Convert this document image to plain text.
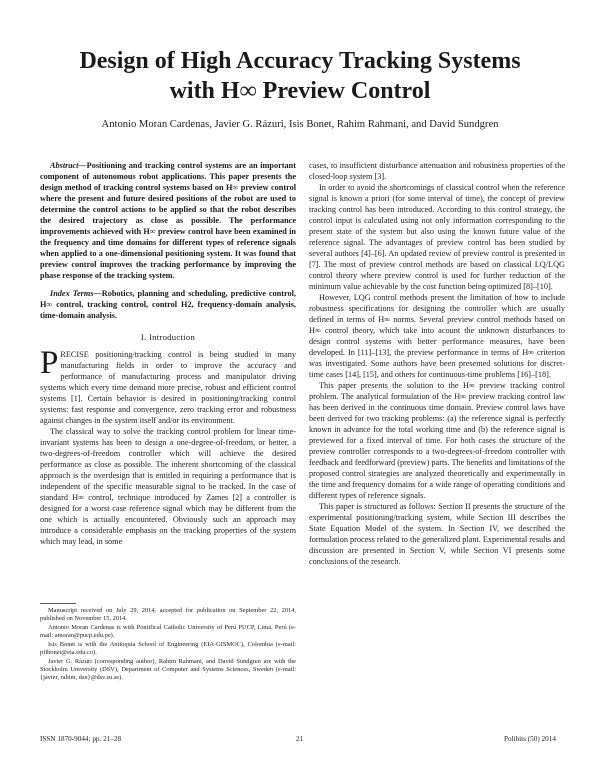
Design of High Accuracy Tracking Systems
with H∞ Preview Control
Antonio Moran Cardenas, Javier G. Rázuri, Isis Bonet, Rahim Rahmani, and David Sundgren

Abstract—Positioning and tracking control systems are an important component of autonomous robot applications. This paper presents the design method of tracking control systems based on H∞ preview control where the present and future desired positions of the robot are used to determine the control actions to be applied so that the robot describes the desired trajectory as close as possible. The performance improvements achieved with H∞ preview control have been examined in the frequency and time domains for different types of reference signals when applied to a one-dimensional positioning system. It was found that preview control improves the tracking performance by improving the phase response of the tracking system.

Index Terms—Robotics, planning and scheduling, predictive control, H∞ control, tracking control, control H2, frequency-domain analysis, time-domain analysis.

I. Introduction

PRECISE positioning/tracking control is being studied in many manufacturing fields in order to improve the accuracy and performance of manufacturing process and manipulator driving systems which every time demand more precise, robust and efficient control systems [1]. Certain behavior is desired in positioning/tracking control systems: fast response and convergence, zero tracking error and robustness against changes in the system itself and/or its environment.

The classical way to solve the tracking control problem for linear time-invariant systems has been to design a one-degree-of-freedom, or better, a two-degrees-of-freedom controller which will achieve the desired performance as close as possible. The inherent shortcoming of the classical approach is the overdesign that is entitled in requiring a performance that is independent of the specific measurable signal to be tracked. In the case of standard H∞ control, technique introduced by Zames [2] a controller is designed for a worst case reference signal which may be different from the one which is actually encountered. Obviously such an approach may introduce a considerable emphasis on the tracking properties of the system which may lead, in some

cases, to insufficient disturbance attenuation and robustness properties of the closed-loop system [3].

In order to avoid the shortcomings of classical control when the reference signal is known a priori (for some interval of time), the concept of preview tracking control has been introduced. According to this control strategy, the control input is calculated using not only information corresponding to the present state of the system but also using the known future value of the reference signal. The advantages of preview control has been studied by several authors [4]–[6]. An updated review of preview control is presented in [7]. The most of preview control methods are based on classical LQ/LQG control theory where preview control is used for further reduction of the minimum value achievable by the cost function being optimized [8]–[10].

However, LQG control methods present the limitation of how to include robustness specifications for designing the controller which are usually defined in terms of H∞ norms. Several preview control methods based on H∞ control theory, which take into acount the unknown disturbances to design control systems with better performance measures, have been developed. In [11]–[13], the preview performance in terms of H∞ criterion was investigated. Some authors have been presented solutions for discret-time cases [14], [15], and others for continuous-time problems [16]–[18].

This paper presents the solution to the H∞ preview tracking control problem. The analytical formulation of the H∞ preview tracking control law has been derived in the continuous time domain. Preview control laws have been derived for two tracking problems: (a) the reference signal is perfectly known in advance for the total working time and (b) the reference signal is previewed for a fixed interval of time. For both cases the structure of the preview controller corresponds to a two-degrees-of-freedom controller with feedback and feedforward (preview) parts. The benefits and limitations of the proposed control strategies are analyzed theoretically and experimentally in the time and frequency domains for a wide range of operating conditions and different types of reference signals.

This paper is structured as follows: Section II presents the structure of the experimental positioning/tracking system, while Section III describes the State Equation Model of the system. In Section IV, we described the formulation process related to the generalized plant. Experimental results and discussion are presented in Section V, while Section VI presents some conclusions of the research.

Manuscript received on July 29, 2014, accepted for publication on September 22, 2014, published on November 15, 2014.

Antonio Moran Cardenas is with Pontifical Catholic University of Perú PUCP, Lima, Perú (e-mail: amoran@pucp.edu.pe).

Isis Bonet is with the Antioquia School of Engineering (EIA-GISMOC), Colombia (e-mail: pfibonet@eia.edu.co).

Javier G. Rázuri (corresponding author), Rahim Rahmani, and David Sundgren are with the Stockholm University (DSV), Department of Computer and Systems Sciences, Sweden (e-mail: {javier, rahim, dsn}@dsv.su.se).

ISSN 1870-9044; pp. 21–28	21	Polibits (50) 2014
